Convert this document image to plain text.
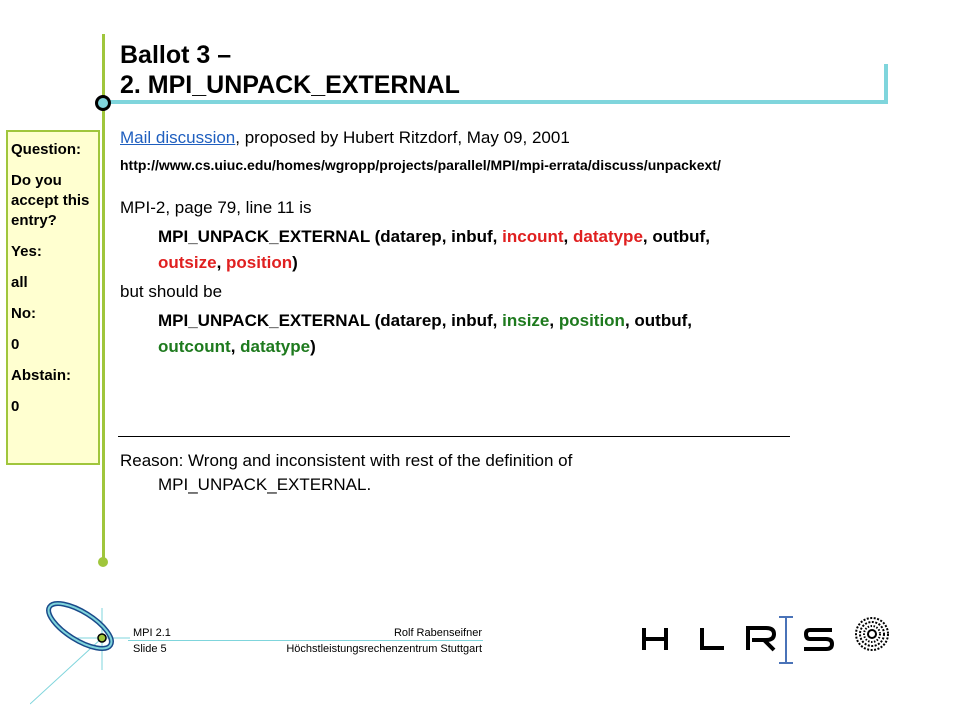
Ballot 3 –
2. MPI_UNPACK_EXTERNAL
Question:
Do you accept this entry?
Yes:
all
No:
0
Abstain:
0
Mail discussion, proposed by Hubert Ritzdorf, May 09, 2001
http://www.cs.uiuc.edu/homes/wgropp/projects/parallel/MPI/mpi-errata/discuss/unpackext/
MPI-2, page 79, line 11 is
MPI_UNPACK_EXTERNAL (datarep, inbuf, incount, datatype, outbuf,
outsize, position)
but should be
MPI_UNPACK_EXTERNAL (datarep, inbuf, insize, position, outbuf,
outcount, datatype)
Reason: Wrong and inconsistent with rest of the definition of
MPI_UNPACK_EXTERNAL.
MPI 2.1
Slide 5
Rolf Rabenseifner
Höchstleistungsrechenzentrum Stuttgart
